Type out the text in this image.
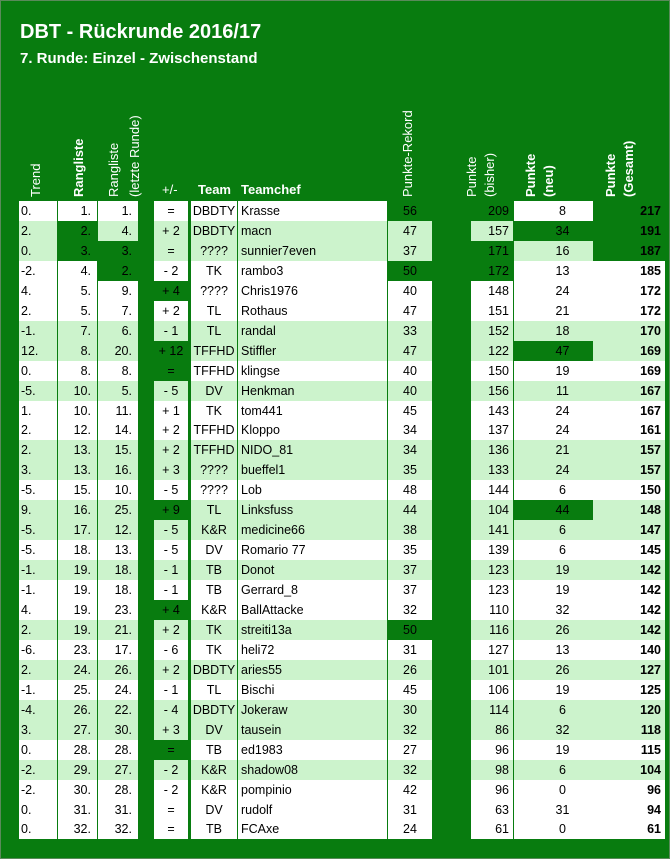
DBT - Rückrunde 2016/17
7. Runde: Einzel - Zwischenstand
Trend Rangliste Rangliste (letzte Runde)	Punkte-Rekord	Punkte (bisher) Punkte (neu)	Punkte (Gesamt)
+/- Team Teamchef
0.	1.	1.	=	DBDTY Krasse	56	209	8	217
2.	2.	4.	+ 2	DBDTY macn	47	157	34	191
0.	3.	3.	=	????	sunnier7even	37	171	16	187
-2.	4.	2.	- 2	TK	rambo3	50	172	13	185
4.	5.	9.	+ 4	????	Chris1976	40	148	24	172
2.	5.	7.	+ 2	TL	Rothaus	47	151	21	172
-1.	7.	6.	- 1	TL	randal	33	152	18	170
12.	8.	20.	+ 12 TFFHD Stiffler	47	122	47	169
0.	8.	8.	=	TFFHD klingse	40	150	19	169
-5.	10.	5.	- 5	DV	Henkman	40	156	11	167
1.	10.	11.	+ 1	TK	tom441	45	143	24	167
2.	12.	14.	+ 2	TFFHD Kloppo	34	137	24	161
2.	13.	15.	+ 2	TFFHD NIDO_81	34	136	21	157
3.	13.	16.	+ 3	????	bueffel1	35	133	24	157
-5.	15.	10.	- 5	????	Lob	48	144	6	150
9.	16.	25.	+ 9	TL	Linksfuss	44	104	44	148
-5.	17.	12.	- 5	K&R	medicine66	38	141	6	147
-5.	18.	13.	- 5	DV	Romario 77	35	139	6	145
-1.	19.	18.	- 1	TB	Donot	37	123	19	142
-1.	19.	18.	- 1	TB	Gerrard_8	37	123	19	142
4.	19.	23.	+ 4	K&R	BallAttacke	32	110	32	142
2.	19.	21.	+ 2	TK	streiti13a	50	116	26	142
-6.	23.	17.	- 6	TK	heli72	31	127	13	140
2.	24.	26.	+ 2	DBDTY aries55	26	101	26	127
-1.	25.	24.	- 1	TL	Bischi	45	106	19	125
-4.	26.	22.	- 4	DBDTY Jokeraw	30	114	6	120
3.	27.	30.	+ 3	DV	tausein	32	86	32	118
0.	28.	28.	=	TB	ed1983	27	96	19	115
-2.	29.	27.	- 2	K&R	shadow08	32	98	6	104
-2.	30.	28.	- 2	K&R	pompinio	42	96	0	96
0.	31.	31.	=	DV	rudolf	31	63	31	94
0.	32.	32.	=	TB	FCAxe	24	61	0	61
